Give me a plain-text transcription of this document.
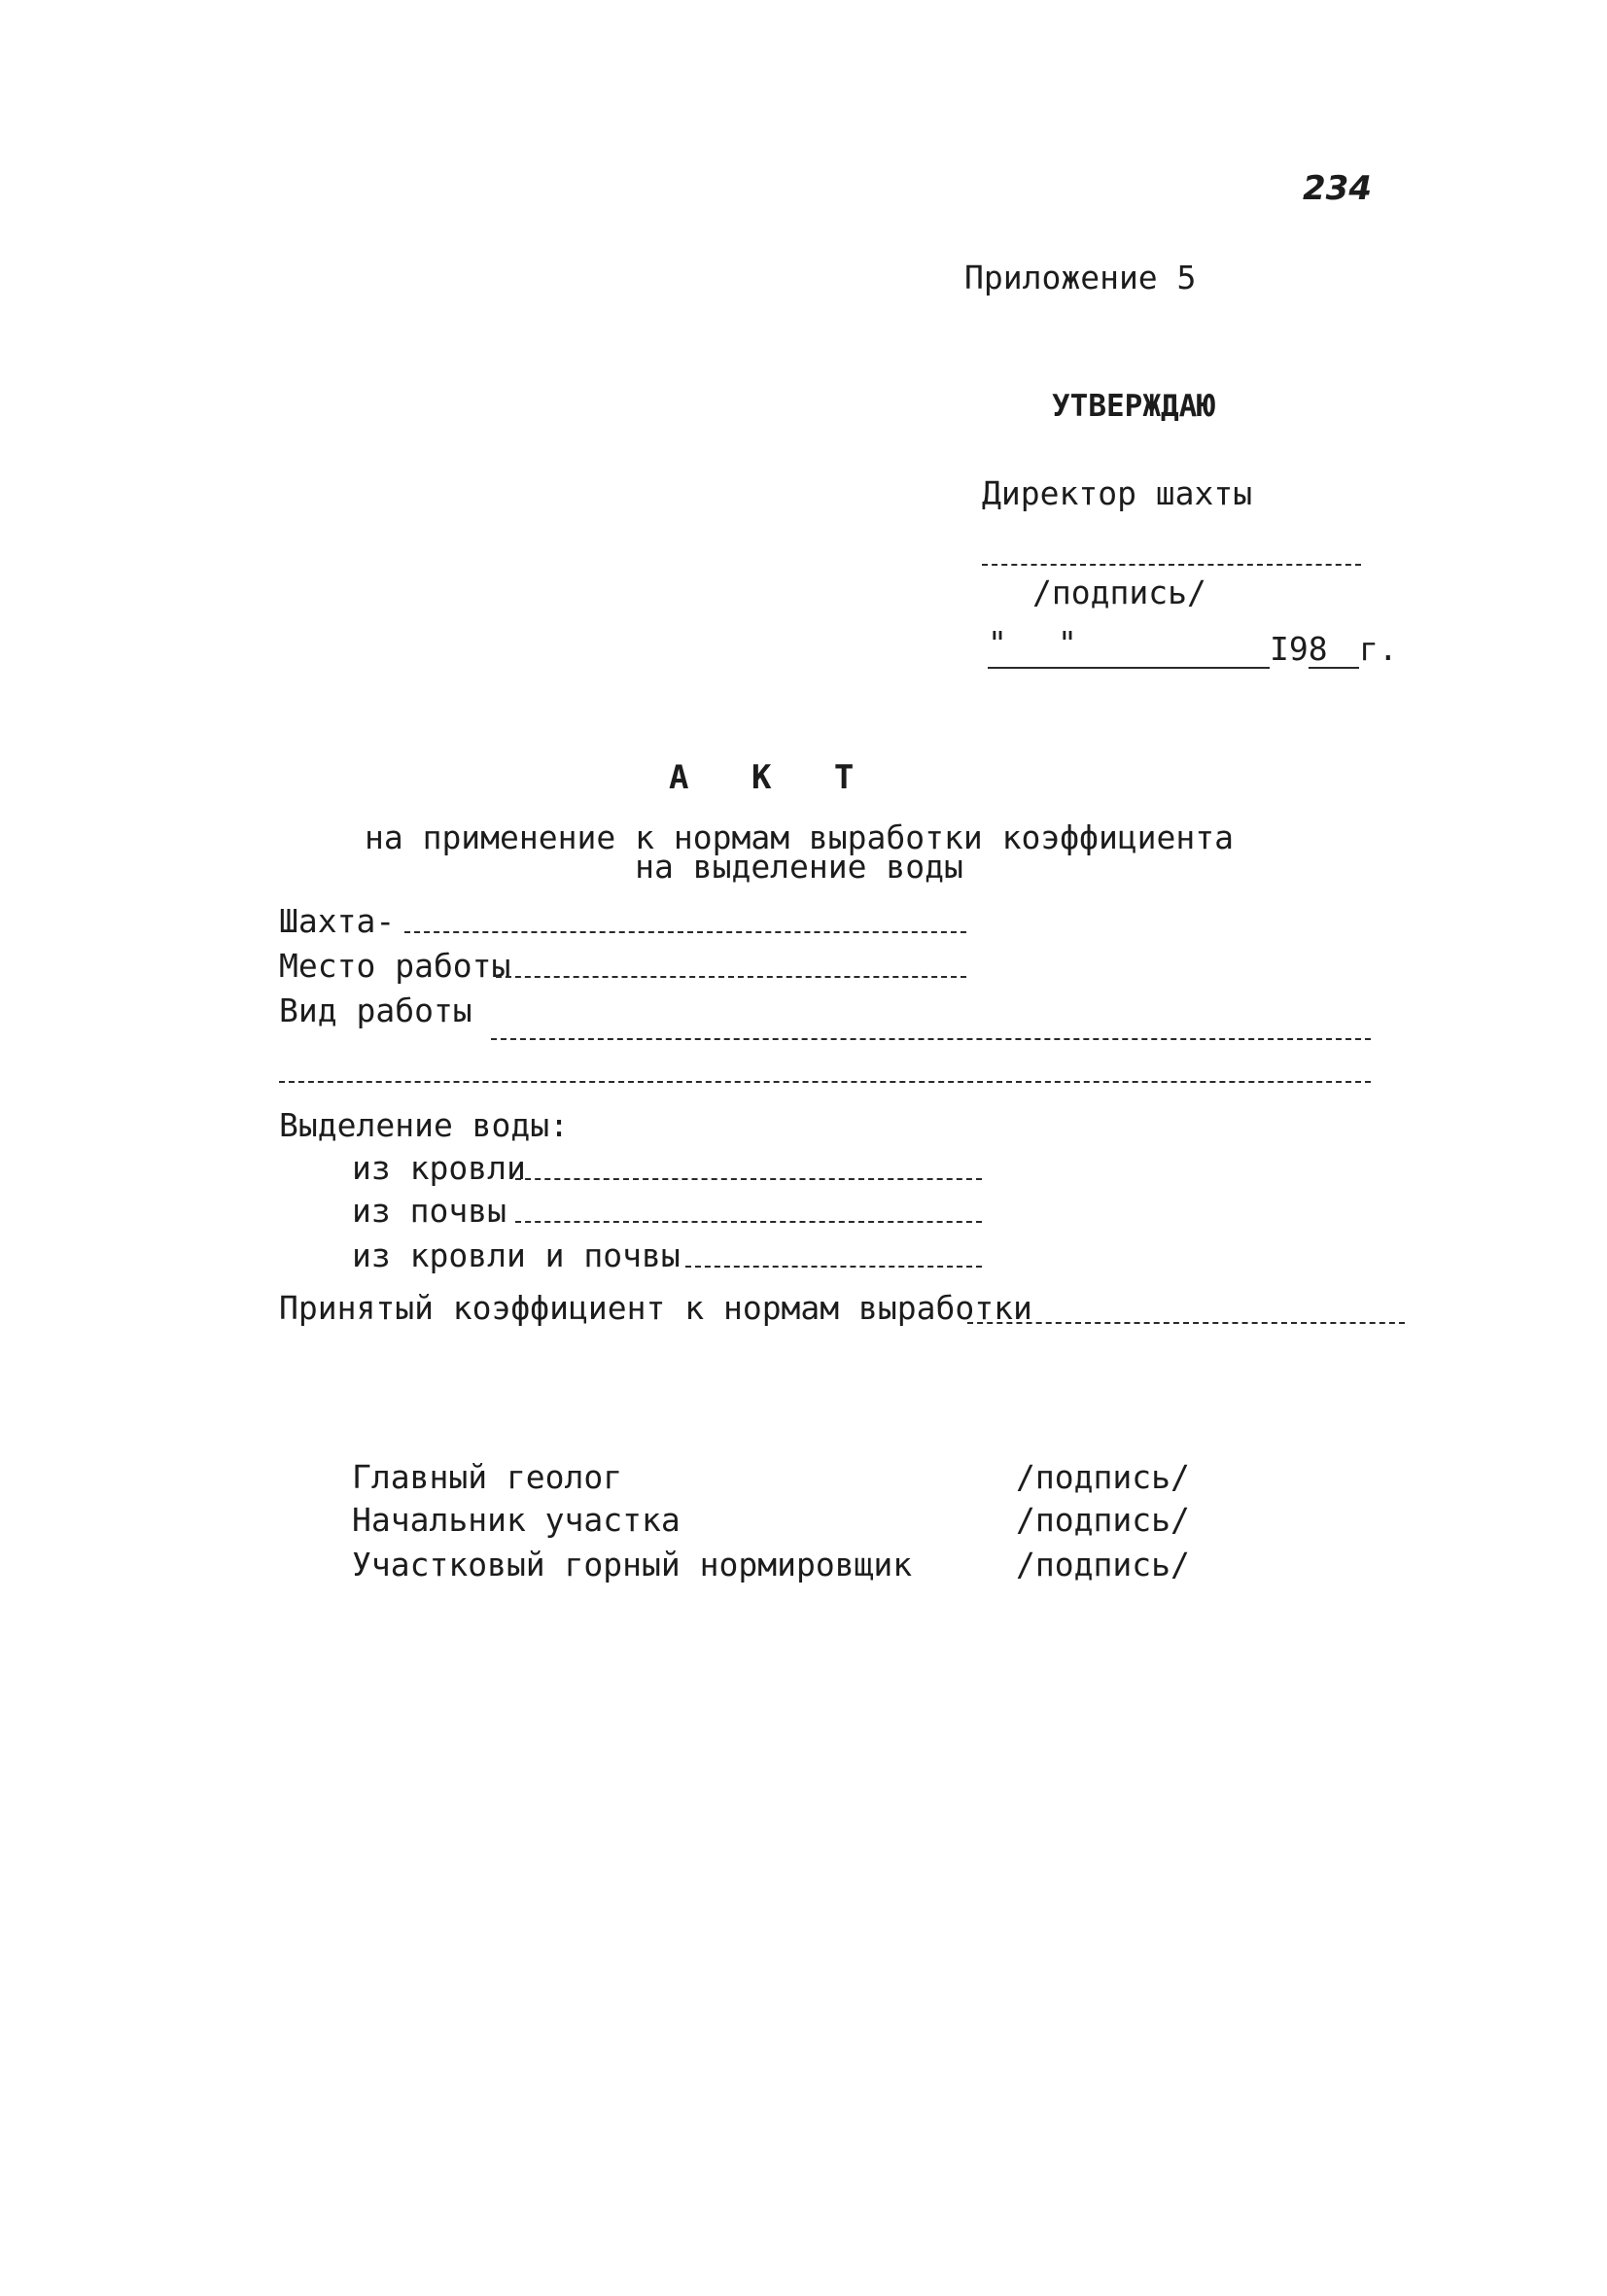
234
Приложение 5
УТВЕРЖДАЮ
Директор шахты
/подпись/
" "	I98 г.
А К Т
на применение к нормам выработки коэффициента
на выделение воды
Шахта-
Место работы
Вид работы
Выделение воды:
из кровли
из почвы
из кровли и почвы
Принятый коэффициент к нормам выработки
Главный геолог	/подпись/
Начальник участка	/подпись/
Участковый горный нормировщик	/подпись/
